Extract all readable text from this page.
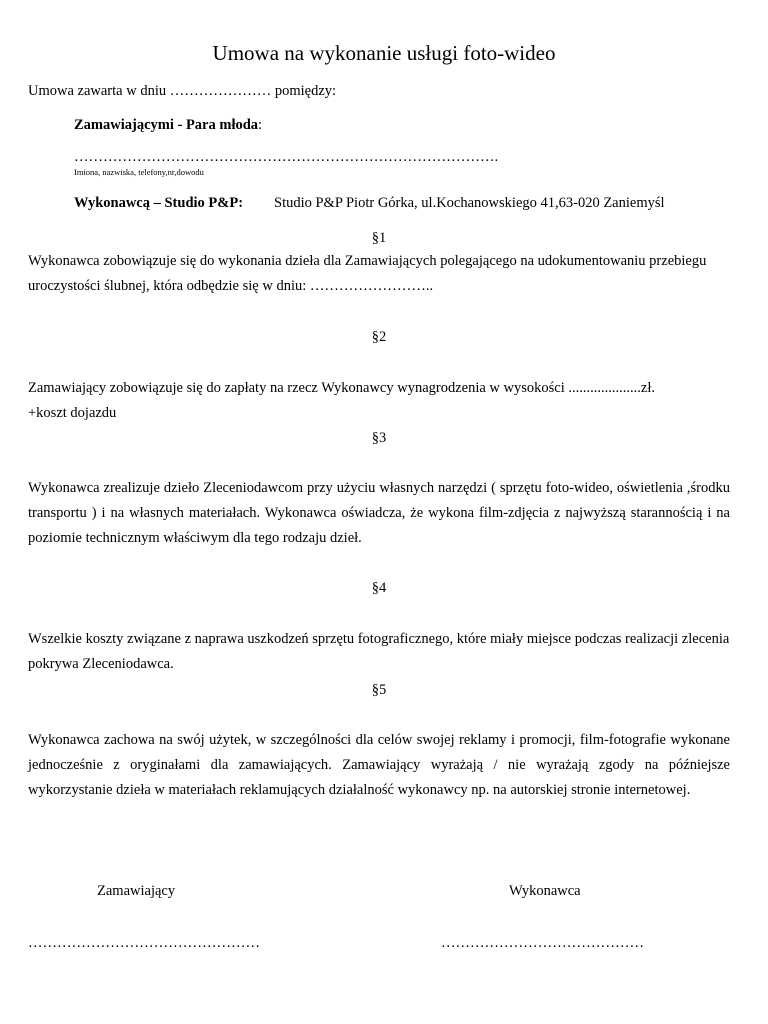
Umowa na wykonanie usługi foto-wideo
Umowa zawarta w dniu ………………… pomiędzy:
Zamawiającymi - Para młoda:
…………………………………………………………………………….
Imiona, nazwiska, telefony,nr,dowodu
Wykonawcą – Studio P&P: Studio P&P Piotr Górka, ul.Kochanowskiego 41,63-020 Zaniemyśl
§1
Wykonawca zobowiązuje się do wykonania dzieła dla Zamawiających polegającego na udokumentowaniu przebiegu uroczystości ślubnej, która odbędzie się w dniu: ……………………..
§2
Zamawiający zobowiązuje się do zapłaty na rzecz Wykonawcy wynagrodzenia w wysokości ....................zł.
+koszt dojazdu
§3
Wykonawca zrealizuje dzieło Zleceniodawcom przy użyciu własnych narzędzi ( sprzętu foto-wideo, oświetlenia ,środku transportu ) i na własnych materiałach. Wykonawca oświadcza, że wykona film-zdjęcia z najwyższą starannością i na poziomie technicznym właściwym dla tego rodzaju dzieł.
§4
Wszelkie koszty związane z naprawa uszkodzeń sprzętu fotograficznego, które miały miejsce podczas realizacji zlecenia pokrywa Zleceniodawca.
§5
Wykonawca zachowa na swój użytek, w szczególności dla celów swojej reklamy i promocji, film-fotografie wykonane jednocześnie z oryginałami dla zamawiających. Zamawiający wyrażają / nie wyrażają zgody na późniejsze wykorzystanie dzieła w materiałach reklamujących działalność wykonawcy np. na autorskiej stronie internetowej.
Zamawiający	Wykonawca
…………………………………………	……………………………………
